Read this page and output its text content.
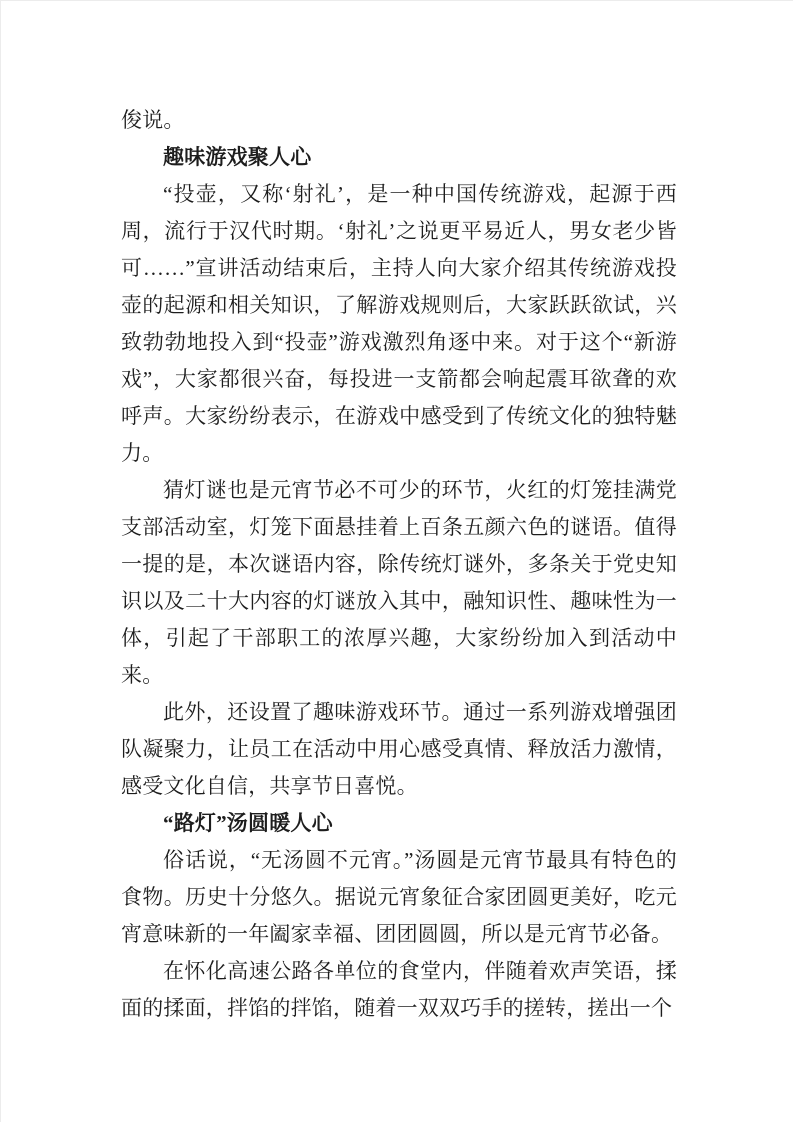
俊说。

趣味游戏聚人心

“投壶，又称‘射礼’，是一种中国传统游戏，起源于西周，流行于汉代时期。‘射礼’之说更平易近人，男女老少皆可……”宣讲活动结束后，主持人向大家介绍其传统游戏投壶的起源和相关知识，了解游戏规则后，大家跃跃欲试，兴致勃勃地投入到“投壶”游戏激烈角逐中来。对于这个“新游戏”，大家都很兴奋，每投进一支箭都会响起震耳欲聋的欢呼声。大家纷纷表示，在游戏中感受到了传统文化的独特魅力。

猜灯谜也是元宵节必不可少的环节，火红的灯笼挂满党支部活动室，灯笼下面悬挂着上百条五颜六色的谜语。值得一提的是，本次谜语内容，除传统灯谜外，多条关于党史知识以及二十大内容的灯谜放入其中，融知识性、趣味性为一体，引起了干部职工的浓厚兴趣，大家纷纷加入到活动中来。

此外，还设置了趣味游戏环节。通过一系列游戏增强团队凝聚力，让员工在活动中用心感受真情、释放活力激情，感受文化自信，共享节日喜悦。

“路灯”汤圆暖人心

俗话说，“无汤圆不元宵。”汤圆是元宵节最具有特色的食物。历史十分悠久。据说元宵象征合家团圆更美好，吃元宵意味新的一年阖家幸福、团团圆圆，所以是元宵节必备。

在怀化高速公路各单位的食堂内，伴随着欢声笑语，揉面的揉面，拌馅的拌馅，随着一双双巧手的搓转，搓出一个
